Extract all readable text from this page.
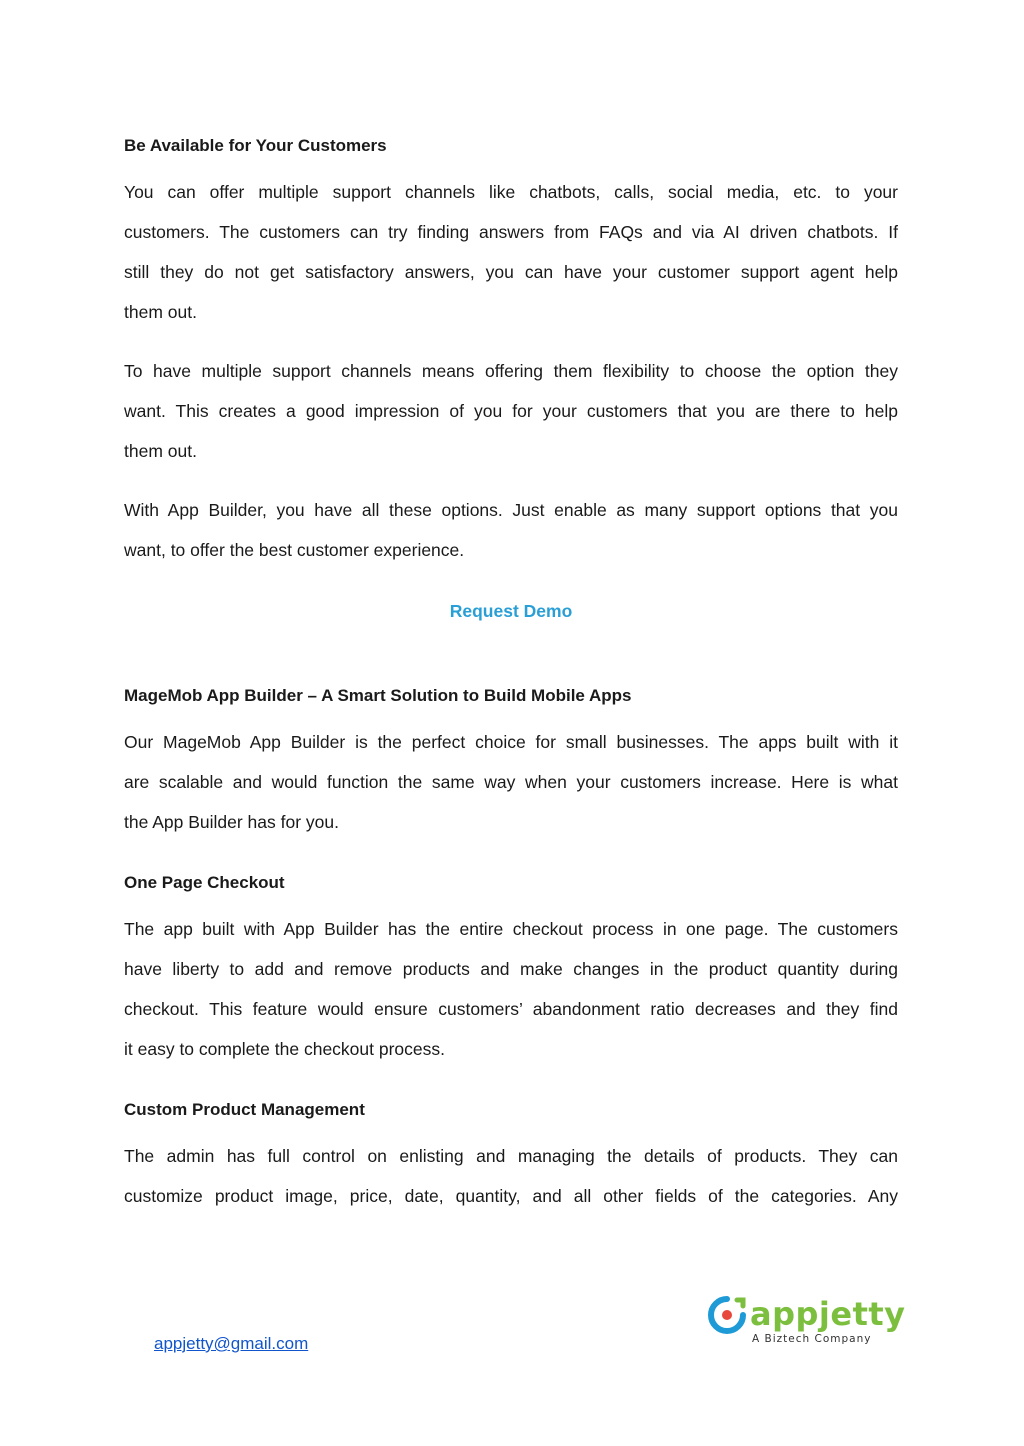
Be Available for Your Customers
You can offer multiple support channels like chatbots, calls, social media, etc. to your
customers. The customers can try finding answers from FAQs and via AI driven chatbots. If
still they do not get satisfactory answers, you can have your customer support agent help
them out.
To have multiple support channels means offering them flexibility to choose the option they
want. This creates a good impression of you for your customers that you are there to help
them out.
With App Builder, you have all these options. Just enable as many support options that you
want, to offer the best customer experience.
Request Demo
MageMob App Builder – A Smart Solution to Build Mobile Apps
Our MageMob App Builder is the perfect choice for small businesses. The apps built with it
are scalable and would function the same way when your customers increase. Here is what
the App Builder has for you.
One Page Checkout
The app built with App Builder has the entire checkout process in one page. The customers
have liberty to add and remove products and make changes in the product quantity during
checkout. This feature would ensure customers’ abandonment ratio decreases and they find
it easy to complete the checkout process.
Custom Product Management
The admin has full control on enlisting and managing the details of products. They can
customize product image, price, date, quantity, and all other fields of the categories. Any
appjetty@gmail.com
appjetty
A Biztech Company
